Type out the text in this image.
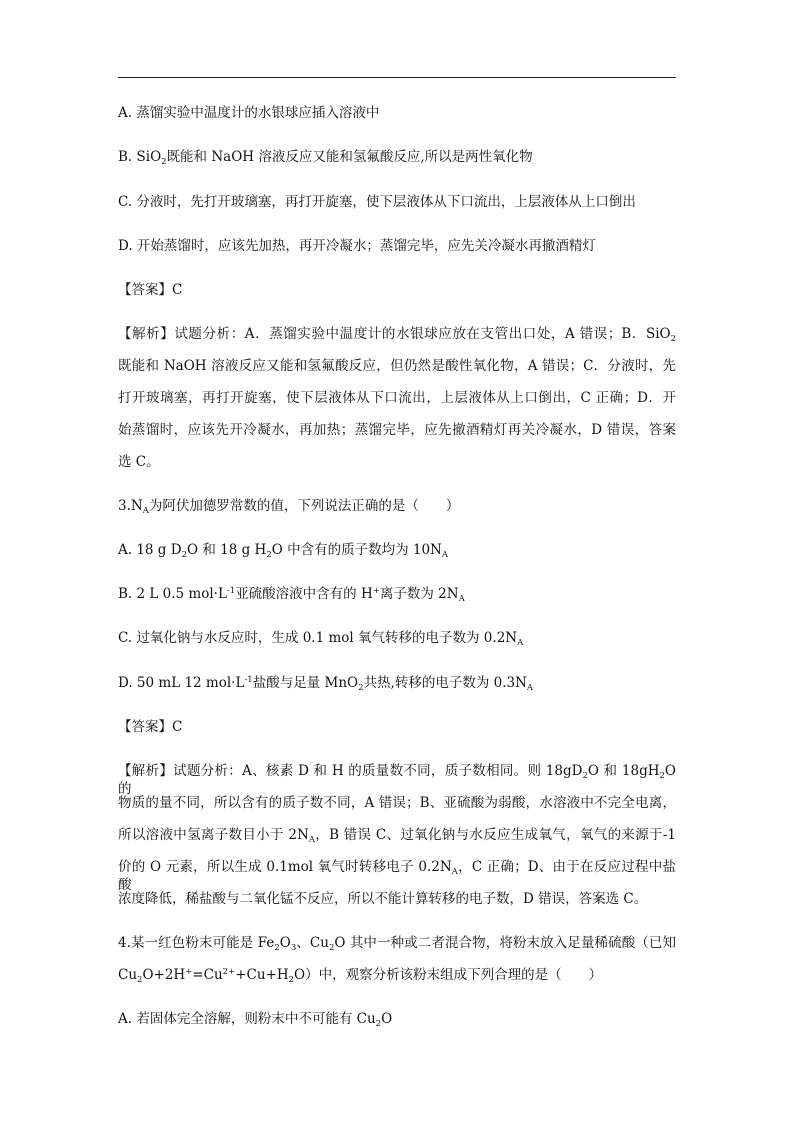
A. 蒸馏实验中温度计的水银球应插入溶液中
B. SiO$_2$既能和 NaOH 溶液反应又能和氢氟酸反应,所以是两性氧化物
C. 分液时，先打开玻璃塞，再打开旋塞，使下层液体从下口流出，上层液体从上口倒出
D. 开始蒸馏时，应该先加热，再开冷凝水；蒸馏完毕，应先关冷凝水再撤酒精灯
【答案】C
【解析】试题分析：A．蒸馏实验中温度计的水银球应放在支管出口处，A 错误；B．SiO$_2$
既能和 NaOH 溶液反应又能和氢氟酸反应，但仍然是酸性氧化物，A 错误；C．分液时，先
打开玻璃塞，再打开旋塞，使下层液体从下口流出，上层液体从上口倒出，C 正确；D．开
始蒸馏时，应该先开冷凝水，再加热；蒸馏完毕，应先撤酒精灯再关冷凝水，D 错误，答案
选 C。
$3.N_A$为阿伏加德罗常数的值，下列说法正确的是（　　）
A. 18 g $D_2O$ 和 18 g $H_2O$ 中含有的质子数均为 $10N_A$
B. 2 L 0.5 $mol\cdot L^{-1}$亚硫酸溶液中含有的 H+离子数为 $2N_A$
C. 过氧化钠与水反应时，生成 0.1 mol 氧气转移的电子数为 $0.2N_A$
D. 50 mL 12 $mol\cdot L^{-1}$盐酸与足量 MnO$_2$共热,转移的电子数为 $0.3N_A$
【答案】C
【解析】试题分析：A、核素 D 和 H 的质量数不同，质子数相同。则 $18gD_2O$ 和 $18gH_2O$ 的
物质的量不同，所以含有的质子数不同，A 错误；B、亚硫酸为弱酸，水溶液中不完全电离，
所以溶液中氢离子数目小于 $2N_A$，B 错误 C、过氧化钠与水反应生成氧气，氧气的来源于-1
价的 O 元素，所以生成 0.1mol 氧气时转移电子 $0.2N_A$，C 正确；D、由于在反应过程中盐酸
浓度降低，稀盐酸与二氧化锰不反应，所以不能计算转移的电子数，D 错误，答案选 C。
4.某一红色粉末可能是 $Fe_2O_3$、$Cu_2O$ 其中一种或二者混合物，将粉末放入足量稀硫酸（已知
$Cu_2O+2H^+=Cu^{2+}+Cu+H_2O$）中，观察分析该粉末组成下列合理的是（　　）
A. 若固体完全溶解，则粉末中不可能有 $Cu_2O$
